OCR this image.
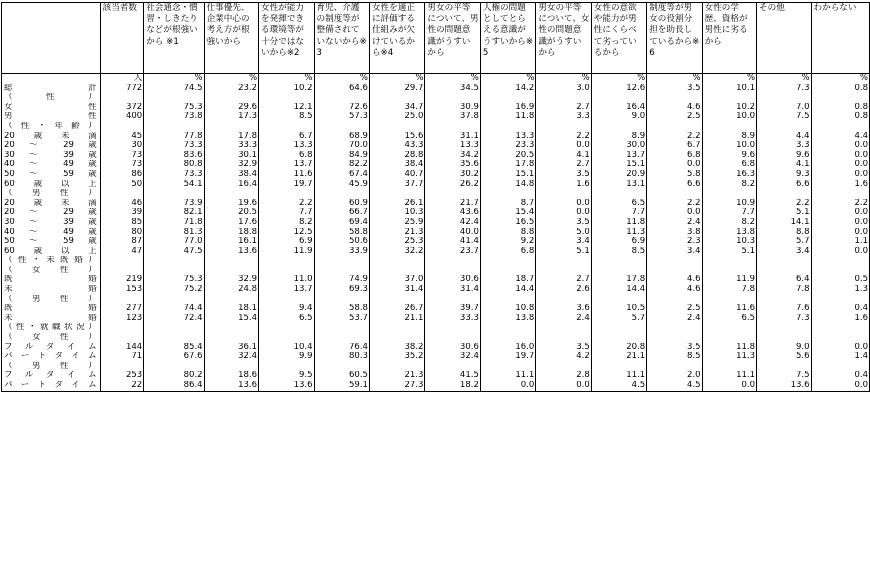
	該当者数	社会通念・慣習・しきたりなどが根強いから ※1	仕事優先、企業中心の考え方が根強いから	女性が能力を発揮できる環境等が十分ではないから※2	育児、介護の制度等が整備されていないから※3	女性を適正に評価する仕組みが欠けているから※4	男女の平等について、男性の問題意識がうすいから	人権の問題としてとらえる意識がうすいから※5	男女の平等について、女性の問題意識がうすいから	女性の意欲や能力が男性にくらべて劣っているから	制度等が男女の役割分担を助長しているから※6	女性の学歴、資格が男性に劣るから	その他	わからない
	人	%	%	%	%	%	%	%	%	%	%	%	%	%
総　　　計	772	74.5	23.2	10.2	64.6	29.7	34.5	14.2	3.0	12.6	3.5	10.1	7.3	0.8
（　性　）														
女　　　性	372	75.3	29.6	12.1	72.6	34.7	30.9	16.9	2.7	16.4	4.6	10.2	7.0	0.8
男　　　性	400	73.8	17.3	8.5	57.3	25.0	37.8	11.8	3.3	9.0	2.5	10.0	7.5	0.8
（性・年齢）														
20歳未満	45	77.8	17.8	6.7	68.9	15.6	31.1	13.3	2.2	8.9	2.2	8.9	4.4	4.4
20 〜 29 歳	30	73.3	33.3	13.3	70.0	43.3	13.3	23.3	0.0	30.0	6.7	10.0	3.3	0.0
30 〜 39 歳	73	83.6	30.1	6.8	84.9	28.8	34.2	20.5	4.1	13.7	6.8	9.6	9.6	0.0
40 〜 49 歳	73	80.8	32.9	13.7	82.2	38.4	35.6	17.8	2.7	15.1	0.0	6.8	4.1	0.0
50 〜 59 歳	86	73.3	38.4	11.6	67.4	40.7	30.2	15.1	3.5	20.9	5.8	16.3	9.3	0.0
60歳以上	50	54.1	16.4	19.7	45.9	37.7	26.2	14.8	1.6	13.1	6.6	8.2	6.6	1.6
（男性）														
20歳未満	46	73.9	19.6	2.2	60.9	26.1	21.7	8.7	0.0	6.5	2.2	10.9	2.2	2.2
20 〜 29 歳	39	82.1	20.5	7.7	66.7	10.3	43.6	15.4	0.0	7.7	0.0	7.7	5.1	0.0
30 〜 39 歳	85	71.8	17.6	8.2	69.4	25.9	42.4	16.5	3.5	11.8	2.4	8.2	14.1	0.0
40 〜 49 歳	80	81.3	18.8	12.5	58.8	21.3	40.0	8.8	5.0	11.3	3.8	13.8	8.8	0.0
50 〜 59 歳	87	77.0	16.1	6.9	50.6	25.3	41.4	9.2	3.4	6.9	2.3	10.3	5.7	1.1
60歳以上	47	47.5	13.6	11.9	33.9	32.2	23.7	6.8	5.1	8.5	3.4	5.1	3.4	0.0
（性・未既婚）														
（女性）														
既　　婚	219	75.3	32.9	11.0	74.9	37.0	30.6	18.7	2.7	17.8	4.6	11.9	6.4	0.5
未　　婚	153	75.2	24.8	13.7	69.3	31.4	31.4	14.4	2.6	14.4	4.6	7.8	7.8	1.3
（男性）														
既　　婚	277	74.4	18.1	9.4	58.8	26.7	39.7	10.8	3.6	10.5	2.5	11.6	7.6	0.4
未　　婚	123	72.4	15.4	6.5	53.7	21.1	33.3	13.8	2.4	5.7	2.4	6.5	7.3	1.6
（性・就職状況）														
（女性）														
フルタイム	144	85.4	36.1	10.4	76.4	38.2	30.6	16.0	3.5	20.8	3.5	11.8	9.0	0.0
パートタイム	71	67.6	32.4	9.9	80.3	35.2	32.4	19.7	4.2	21.1	8.5	11.3	5.6	1.4
（男性）														
フルタイム	253	80.2	18.6	9.5	60.5	21.3	41.5	11.1	2.8	11.1	2.0	11.1	7.5	0.4
パートタイム	22	86.4	13.6	13.6	59.1	27.3	18.2	0.0	0.0	4.5	4.5	0.0	13.6	0.0
